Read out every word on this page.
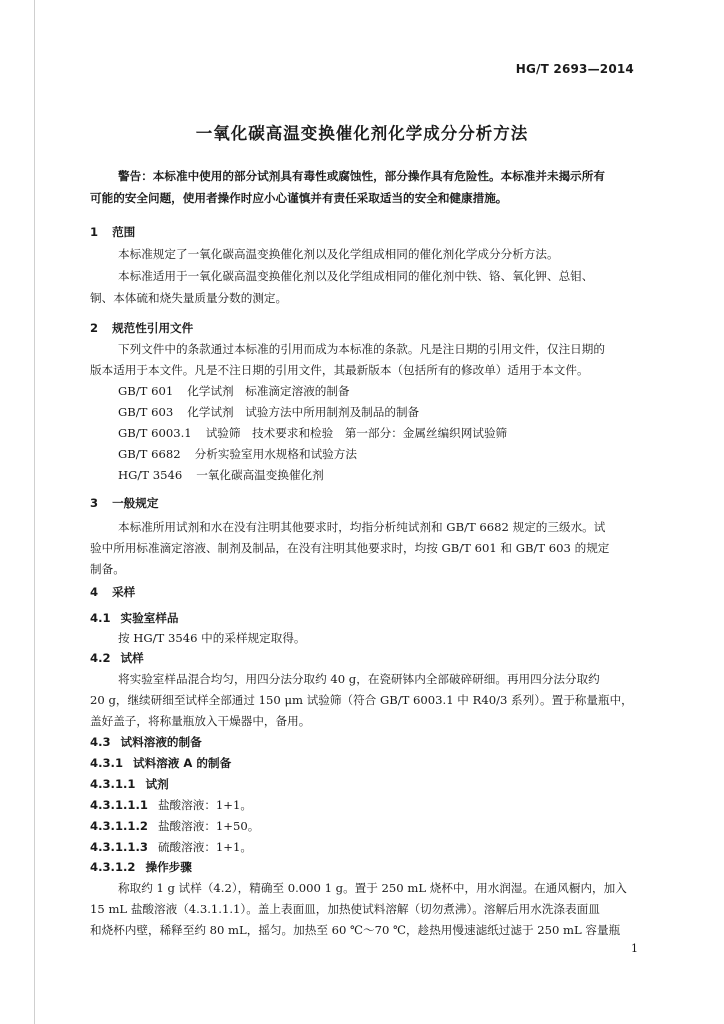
HG/T 2693—2014
一氧化碳高温变换催化剂化学成分分析方法
警告：本标准中使用的部分试剂具有毒性或腐蚀性，部分操作具有危险性。本标准并未揭示所有
可能的安全问题，使用者操作时应小心谨慎并有责任采取适当的安全和健康措施。
1 范围
本标准规定了一氧化碳高温变换催化剂以及化学组成相同的催化剂化学成分分析方法。
本标准适用于一氧化碳高温变换催化剂以及化学组成相同的催化剂中铁、铬、氧化钾、总钼、
铜、本体硫和烧失量质量分数的测定。
2 规范性引用文件
下列文件中的条款通过本标准的引用而成为本标准的条款。凡是注日期的引用文件，仅注日期的
版本适用于本文件。凡是不注日期的引用文件，其最新版本（包括所有的修改单）适用于本文件。
GB/T 601 化学试剂　标准滴定溶液的制备
GB/T 603 化学试剂　试验方法中所用制剂及制品的制备
GB/T 6003.1 试验筛　技术要求和检验　第一部分：金属丝编织网试验筛
GB/T 6682 分析实验室用水规格和试验方法
HG/T 3546 一氧化碳高温变换催化剂
3 一般规定
本标准所用试剂和水在没有注明其他要求时，均指分析纯试剂和 GB/T 6682 规定的三级水。试
验中所用标准滴定溶液、制剂及制品，在没有注明其他要求时，均按 GB/T 601 和 GB/T 603 的规定
制备。
4 采样
4.1 实验室样品
按 HG/T 3546 中的采样规定取得。
4.2 试样
将实验室样品混合均匀，用四分法分取约 40 g，在瓷研钵内全部破碎研细。再用四分法分取约
20 g，继续研细至试样全部通过 150 μm 试验筛（符合 GB/T 6003.1 中 R40/3 系列）。置于称量瓶中，
盖好盖子，将称量瓶放入干燥器中，备用。
4.3 试料溶液的制备
4.3.1 试料溶液 A 的制备
4.3.1.1 试剂
4.3.1.1.1 盐酸溶液：1+1。
4.3.1.1.2 盐酸溶液：1+50。
4.3.1.1.3 硫酸溶液：1+1。
4.3.1.2 操作步骤
称取约 1 g 试样（4.2），精确至 0.000 1 g。置于 250 mL 烧杯中，用水润湿。在通风橱内，加入
15 mL 盐酸溶液（4.3.1.1.1）。盖上表面皿，加热使试料溶解（切勿煮沸）。溶解后用水洗涤表面皿
和烧杯内壁，稀释至约 80 mL，摇匀。加热至 60 ℃～70 ℃，趁热用慢速滤纸过滤于 250 mL 容量瓶
1
